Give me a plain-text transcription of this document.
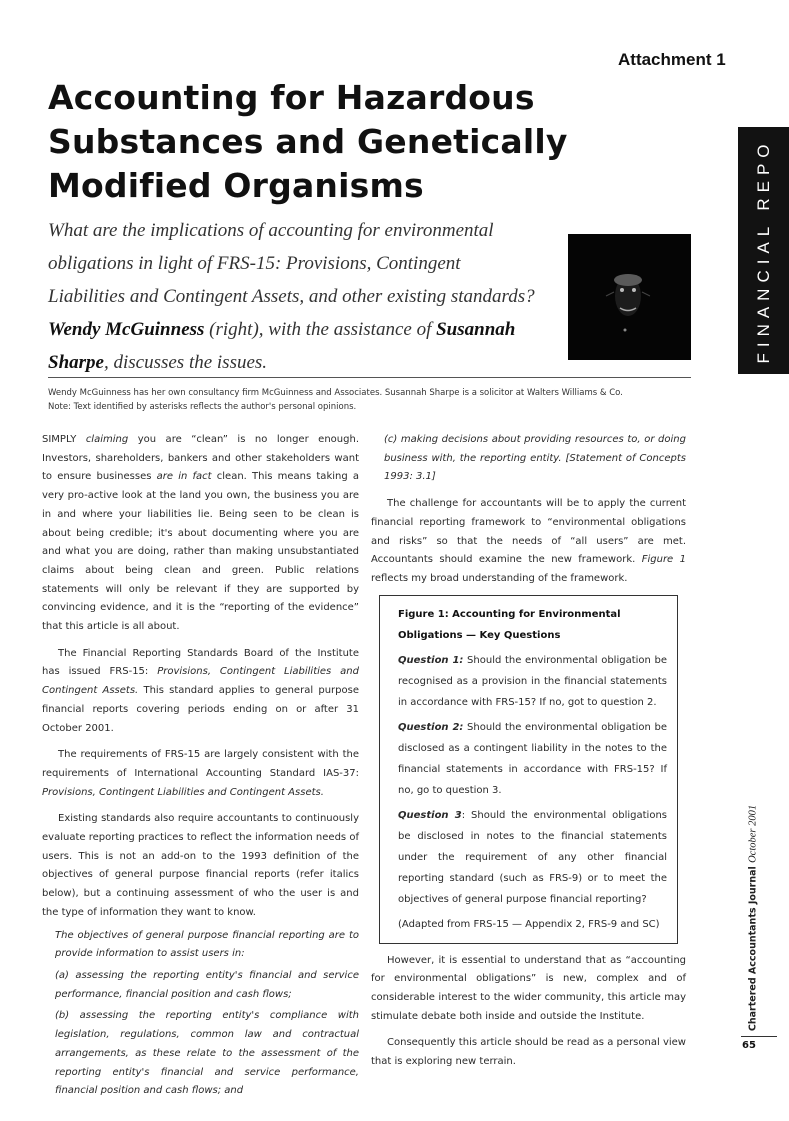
Attachment 1
Accounting for Hazardous
Substances and Genetically
Modified Organisms
What are the implications of accounting for environmental
obligations in light of FRS-15: Provisions, Contingent
Liabilities and Contingent Assets, and other existing standards?
Wendy McGuinness (right), with the assistance of Susannah
Sharpe, discusses the issues.	FINANCIAL REPO

Wendy McGuinness has her own consultancy firm McGuinness and Associates. Susannah Sharpe is a solicitor at Walters Williams & Co.

Note: Text identified by asterisks reflects the author's personal opinions.

SIMPLY claiming you are “clean” is no longer enough. Investors, shareholders, bankers and other stakeholders want to ensure businesses are in fact clean. This means taking a very pro-active look at the land you own, the business you are in and where your liabilities lie. Being seen to be clean is about being credible; it's about documenting where you are and what you are doing, rather than making unsubstantiated claims about being clean and green. Public relations statements will only be relevant if they are supported by convincing evidence, and it is the “reporting of the evidence” that this article is all about.

The Financial Reporting Standards Board of the Institute has issued FRS-15: Provisions, Contingent Liabilities and Contingent Assets. This standard applies to general purpose financial reports covering periods ending on or after 31 October 2001.

The requirements of FRS-15 are largely consistent with the requirements of International Accounting Standard IAS-37: Provisions, Contingent Liabilities and Contingent Assets.

Existing standards also require accountants to continuously evaluate reporting practices to reflect the information needs of users. This is not an add-on to the 1993 definition of the objectives of general purpose financial reports (refer italics below), but a continuing assessment of who the user is and the type of information they want to know.

The objectives of general purpose financial reporting are to provide information to assist users in:

(a) assessing the reporting entity's financial and service performance, financial position and cash flows;

(b) assessing the reporting entity's compliance with legislation, regulations, common law and contractual arrangements, as these relate to the assessment of the reporting entity's financial and service performance, financial position and cash flows; and

(c) making decisions about providing resources to, or doing business with, the reporting entity. [Statement of Concepts 1993: 3.1]

The challenge for accountants will be to apply the current financial reporting framework to “environmental obligations and risks” so that the needs of “all users” are met. Accountants should examine the new framework. Figure 1 reflects my broad understanding of the framework.

Figure 1: Accounting for Environmental Obligations — Key Questions

Question 1: Should the environmental obligation be recognised as a provision in the financial statements in accordance with FRS-15? If no, got to question 2.

Question 2: Should the environmental obligation be disclosed as a contingent liability in the notes to the financial statements in accordance with FRS-15? If no, go to question 3.

Question 3: Should the environmental obligations be disclosed in notes to the financial statements under the requirement of any other financial reporting standard (such as FRS-9) or to meet the objectives of general purpose financial reporting?

(Adapted from FRS-15 — Appendix 2, FRS-9 and SC)

However, it is essential to understand that as “accounting for environmental obligations” is new, complex and of considerable interest to the wider community, this article may stimulate debate both inside and outside the Institute.

Consequently this article should be read as a personal view that is exploring new terrain.

Chartered Accountants Journal October 2001
65
